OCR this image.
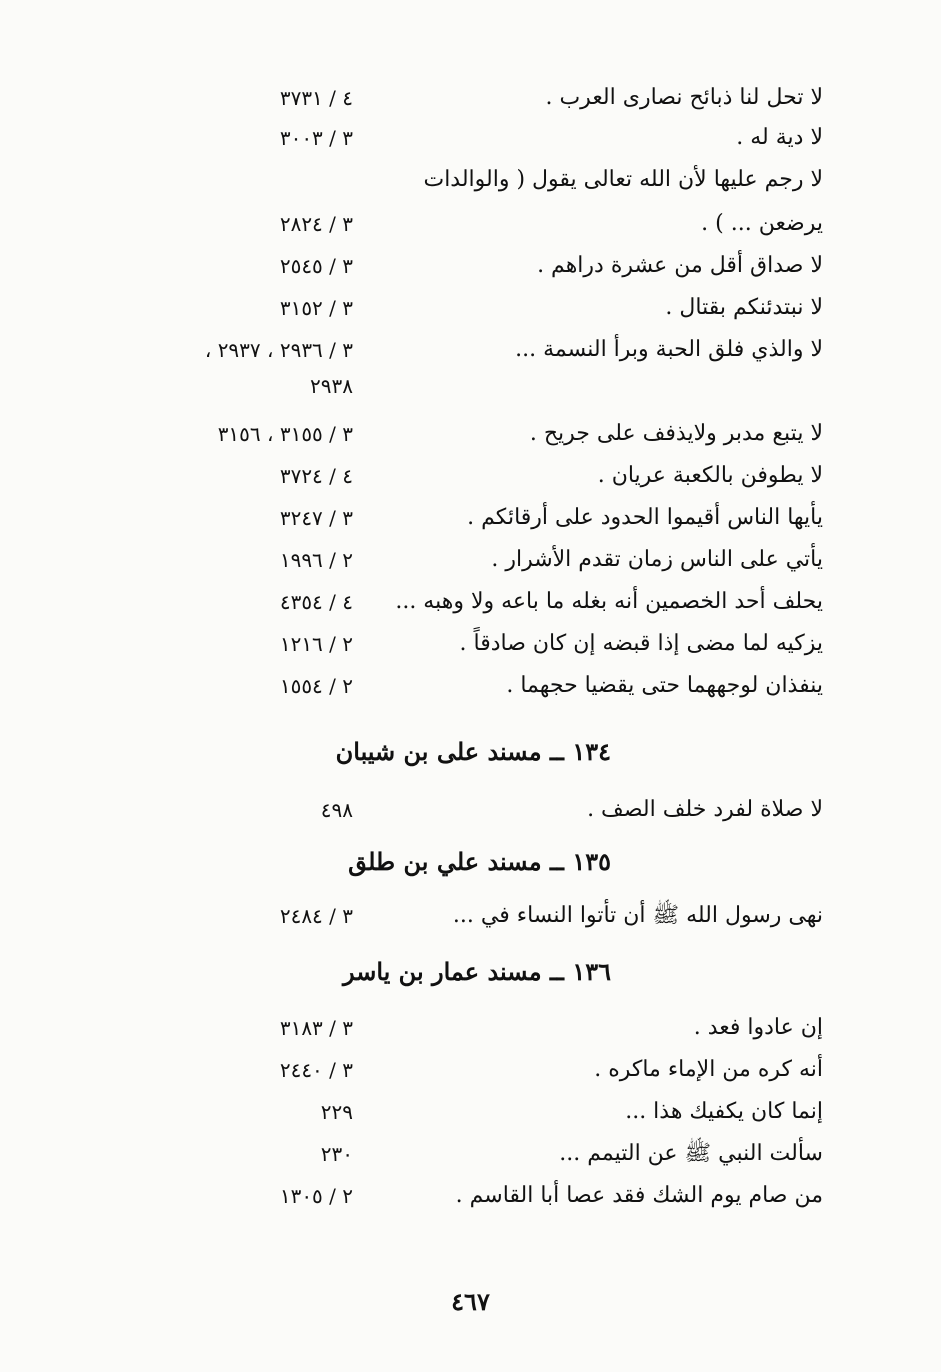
لا تحل لنا ذبائح نصارى العرب .
٤ / ٣٧٣١
لا دية له .
٣ / ٣٠٠٣
لا رجم عليها لأن الله تعالى يقول ( والوالدات
يرضعن ... ) .
٣ / ٢٨٢٤
لا صداق أقل من عشرة دراهم .
٣ / ٢٥٤٥
لا نبتدئنكم بقتال .
٣ / ٣١٥٢
لا والذي فلق الحبة وبرأ النسمة ...
٣ / ٢٩٣٦ ، ٢٩٣٧ ،
٢٩٣٨
لا يتبع مدبر ولايذفف على جريح .
٣ / ٣١٥٥ ، ٣١٥٦
لا يطوفن بالكعبة عريان .
٤ / ٣٧٢٤
يأيها الناس أقيموا الحدود على أرقائكم .
٣ / ٣٢٤٧
يأتي على الناس زمان تقدم الأشرار .
٢ / ١٩٩٦
يحلف أحد الخصمين أنه بغله ما باعه ولا وهبه ...
٤ / ٤٣٥٤
يزكيه لما مضى إذا قبضه إن كان صادقاً .
٢ / ١٢١٦
ينفذان لوجههما حتى يقضيا حجهما .
٢ / ١٥٥٤
١٣٤ ــ مسند على بن شيبان
لا صلاة لفرد خلف الصف .
٤٩٨
١٣٥ ــ مسند علي بن طلق
نهى رسول الله ﷺ أن تأتوا النساء في ...
٣ / ٢٤٨٤
١٣٦ ــ مسند عمار بن ياسر
إن عادوا فعد .
٣ / ٣١٨٣
أنه كره من الإماء ماكره .
٣ / ٢٤٤٠
إنما كان يكفيك هذا ...
٢٢٩
سألت النبي ﷺ عن التيمم ...
٢٣٠
من صام يوم الشك فقد عصا أبا القاسم .
٢ / ١٣٠٥
٤٦٧
